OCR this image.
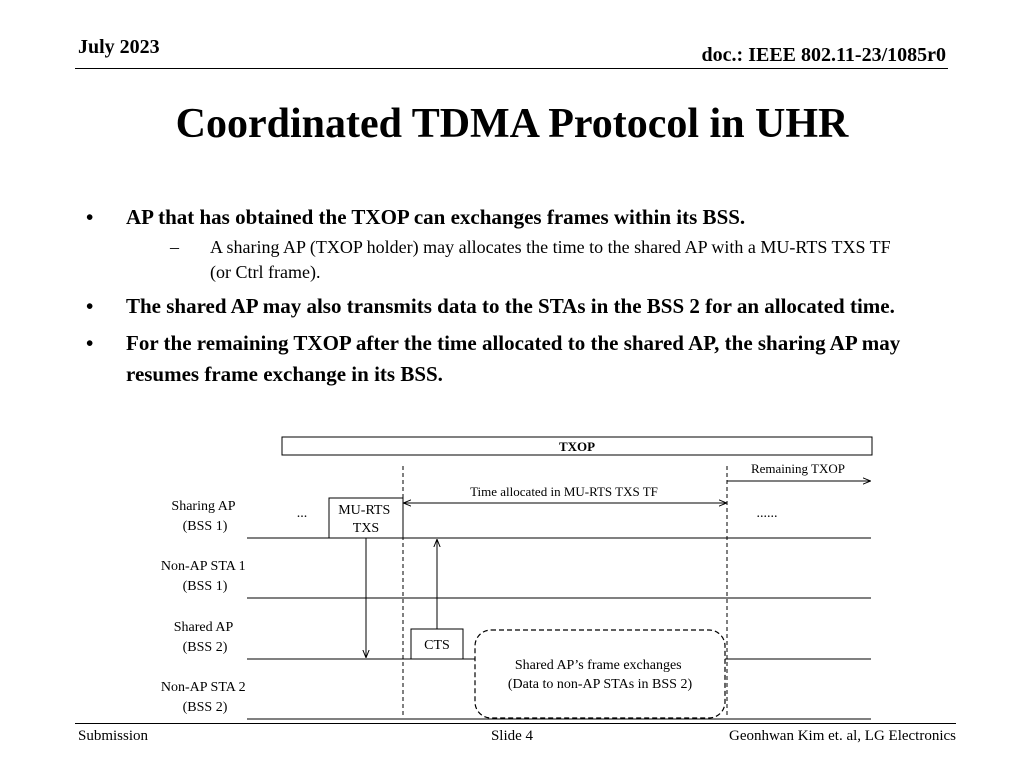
July 2023	doc.: IEEE 802.11-23/1085r0
Coordinated TDMA Protocol in UHR
• AP that has obtained the TXOP can exchanges frames within its BSS.
– A sharing AP (TXOP holder) may allocates the time to the shared AP with a MU-RTS TXS TF (or Ctrl frame).
• The shared AP may also transmits data to the STAs in the BSS 2 for an allocated time.
• For the remaining TXOP after the time allocated to the shared AP, the sharing AP may resumes frame exchange in its BSS.
TXOP
Remaining TXOP
Time allocated in MU-RTS TXS TF
Sharing AP (BSS 1)
Non-AP STA 1 (BSS 1)
Shared AP (BSS 2)
Non-AP STA 2 (BSS 2)
...	......
MU-RTS TXS
CTS
Shared AP’s frame exchanges (Data to non-AP STAs in BSS 2)
Submission	Slide 4	Geonhwan Kim et. al, LG Electronics
